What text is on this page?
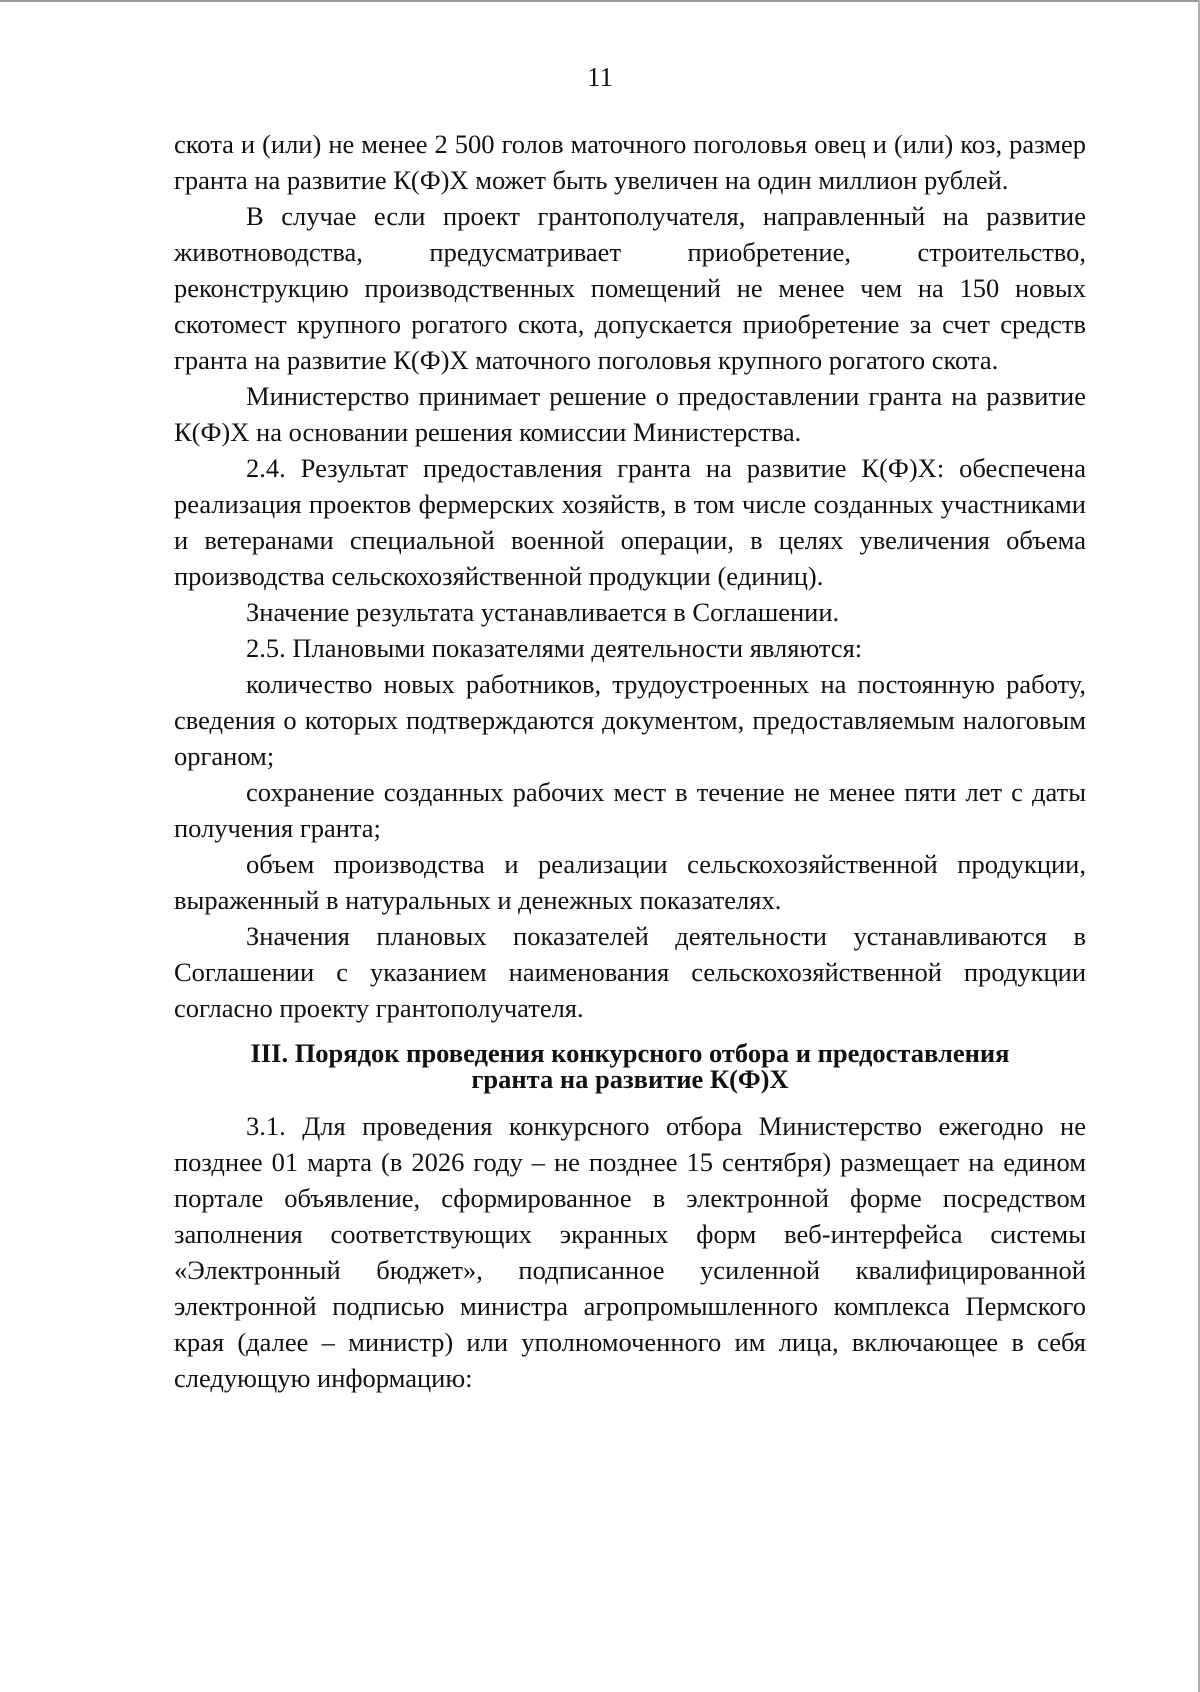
11

скота и (или) не менее 2 500 голов маточного поголовья овец и (или) коз, размер гранта на развитие К(Ф)Х может быть увеличен на один миллион рублей.

В случае если проект грантополучателя, направленный на развитие животноводства, предусматривает приобретение, строительство, реконструкцию производственных помещений не менее чем на 150 новых скотомест крупного рогатого скота, допускается приобретение за счет средств гранта на развитие К(Ф)Х маточного поголовья крупного рогатого скота.

Министерство принимает решение о предоставлении гранта на развитие К(Ф)Х на основании решения комиссии Министерства.

2.4. Результат предоставления гранта на развитие К(Ф)Х: обеспечена реализация проектов фермерских хозяйств, в том числе созданных участниками и ветеранами специальной военной операции, в целях увеличения объема производства сельскохозяйственной продукции (единиц).

Значение результата устанавливается в Соглашении.

2.5. Плановыми показателями деятельности являются:

количество новых работников, трудоустроенных на постоянную работу, сведения о которых подтверждаются документом, предоставляемым налоговым органом;

сохранение созданных рабочих мест в течение не менее пяти лет с даты получения гранта;

объем производства и реализации сельскохозяйственной продукции, выраженный в натуральных и денежных показателях.

Значения плановых показателей деятельности устанавливаются в Соглашении с указанием наименования сельскохозяйственной продукции согласно проекту грантополучателя.

III. Порядок проведения конкурсного отбора и предоставления
гранта на развитие К(Ф)Х

3.1. Для проведения конкурсного отбора Министерство ежегодно не позднее 01 марта (в 2026 году – не позднее 15 сентября) размещает на едином портале объявление, сформированное в электронной форме посредством заполнения соответствующих экранных форм веб-интерфейса системы «Электронный бюджет», подписанное усиленной квалифицированной электронной подписью министра агропромышленного комплекса Пермского края (далее – министр) или уполномоченного им лица, включающее в себя следующую информацию:
